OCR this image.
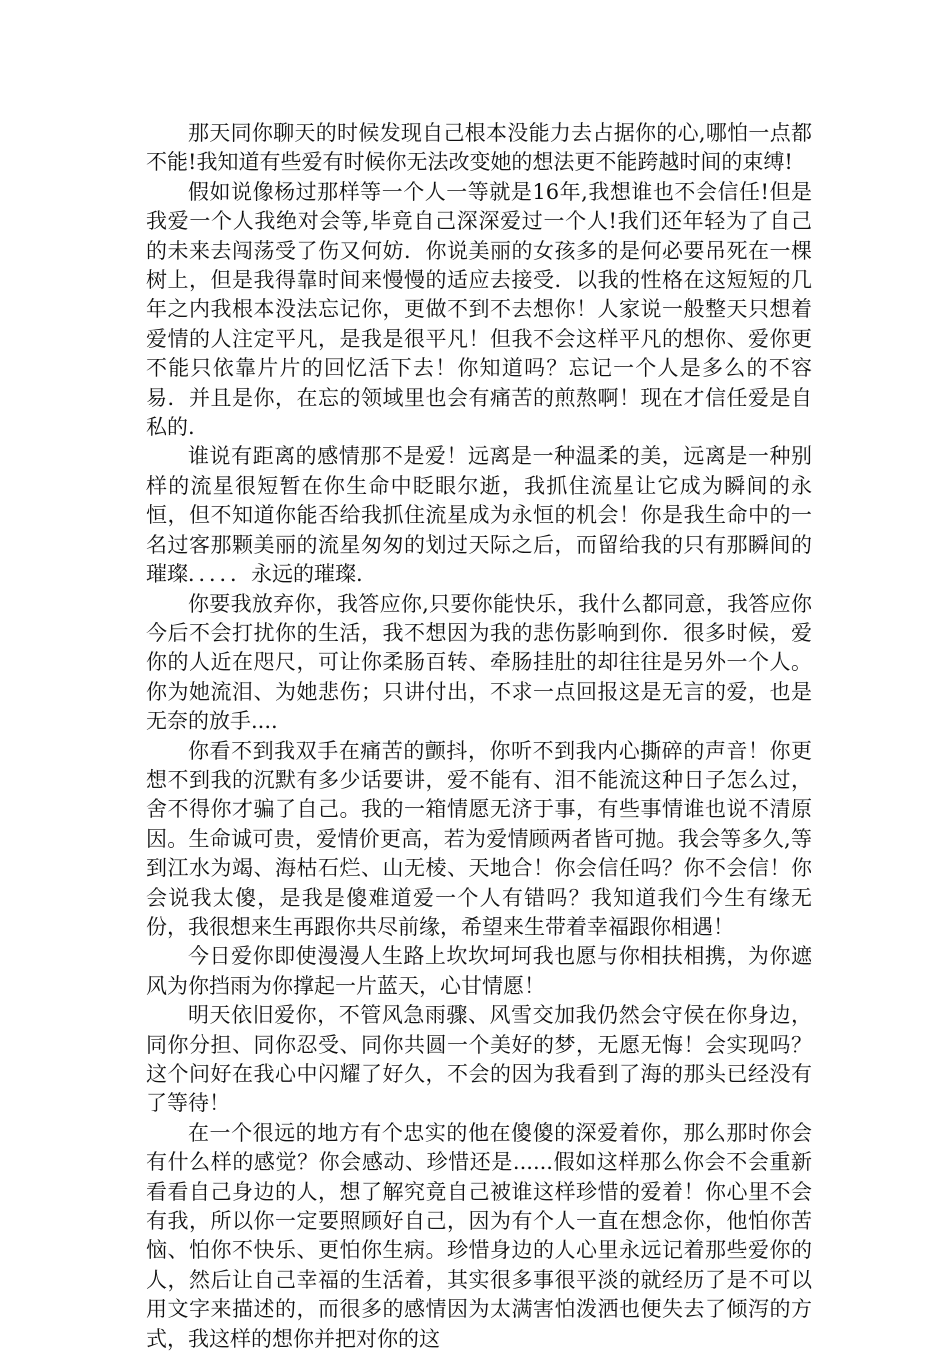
那天同你聊天的时候发现自己根本没能力去占据你的心,哪怕一点都不能!我知道有些爱有时候你无法改变她的想法更不能跨越时间的束缚!

假如说像杨过那样等一个人一等就是16年,我想谁也不会信任!但是我爱一个人我绝对会等,毕竟自己深深爱过一个人!我们还年轻为了自己的未来去闯荡受了伤又何妨．你说美丽的女孩多的是何必要吊死在一棵树上，但是我得靠时间来慢慢的适应去接受．以我的性格在这短短的几年之内我根本没法忘记你，更做不到不去想你！人家说一般整天只想着爱情的人注定平凡，是我是很平凡！但我不会这样平凡的想你、爱你更不能只依靠片片的回忆活下去！你知道吗？忘记一个人是多么的不容易．并且是你，在忘的领域里也会有痛苦的煎熬啊！现在才信任爱是自私的.

谁说有距离的感情那不是爱！远离是一种温柔的美，远离是一种别样的流星很短暂在你生命中眨眼尔逝，我抓住流星让它成为瞬间的永恒，但不知道你能否给我抓住流星成为永恒的机会！你是我生命中的一名过客那颗美丽的流星匆匆的划过天际之后，而留给我的只有那瞬间的璀璨．．．．．永远的璀璨.

你要我放弃你，我答应你,只要你能快乐，我什么都同意，我答应你今后不会打扰你的生活，我不想因为我的悲伤影响到你．很多时候，爱你的人近在咫尺，可让你柔肠百转、牵肠挂肚的却往往是另外一个人。你为她流泪、为她悲伤；只讲付出，不求一点回报这是无言的爱，也是无奈的放手....

你看不到我双手在痛苦的颤抖，你听不到我内心撕碎的声音！你更想不到我的沉默有多少话要讲，爱不能有、泪不能流这种日子怎么过，舍不得你才骗了自己。我的一箱情愿无济于事，有些事情谁也说不清原因。生命诚可贵，爱情价更高，若为爱情顾两者皆可抛。我会等多久,等到江水为竭、海枯石烂、山无棱、天地合！你会信任吗？你不会信！你会说我太傻，是我是傻难道爱一个人有错吗？我知道我们今生有缘无份，我很想来生再跟你共尽前缘，希望来生带着幸福跟你相遇！

今日爱你即使漫漫人生路上坎坎坷坷我也愿与你相扶相携，为你遮风为你挡雨为你撑起一片蓝天，心甘情愿！

明天依旧爱你，不管风急雨骤、风雪交加我仍然会守侯在你身边，同你分担、同你忍受、同你共圆一个美好的梦，无愿无悔！会实现吗？这个问好在我心中闪耀了好久，不会的因为我看到了海的那头已经没有了等待！

在一个很远的地方有个忠实的他在傻傻的深爱着你，那么那时你会有什么样的感觉？你会感动、珍惜还是......假如这样那么你会不会重新看看自己身边的人，想了解究竟自己被谁这样珍惜的爱着！你心里不会有我，所以你一定要照顾好自己，因为有个人一直在想念你，他怕你苦恼、怕你不快乐、更怕你生病。珍惜身边的人心里永远记着那些爱你的人，然后让自己幸福的生活着，其实很多事很平淡的就经历了是不可以用文字来描述的，而很多的感情因为太满害怕泼洒也便失去了倾泻的方式，我这样的想你并把对你的这
